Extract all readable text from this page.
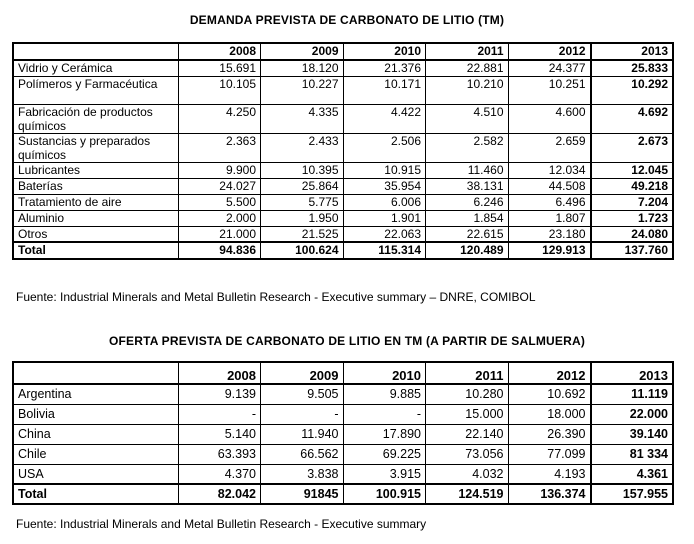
DEMANDA PREVISTA DE CARBONATO DE LITIO (TM)
	2008	2009	2010	2011	2012	2013
Vidrio y Cerámica	15.691	18.120	21.376	22.881	24.377	25.833
Polímeros y Farmacéutica	10.105	10.227	10.171	10.210	10.251	10.292
Fabricación de productos químicos	4.250	4.335	4.422	4.510	4.600	4.692
Sustancias y preparados químicos	2.363	2.433	2.506	2.582	2.659	2.673
Lubricantes	9.900	10.395	10.915	11.460	12.034	12.045
Baterías	24.027	25.864	35.954	38.131	44.508	49.218
Tratamiento de aire	5.500	5.775	6.006	6.246	6.496	7.204
Aluminio	2.000	1.950	1.901	1.854	1.807	1.723
Otros	21.000	21.525	22.063	22.615	23.180	24.080
Total	94.836	100.624	115.314	120.489	129.913	137.760
Fuente: Industrial Minerals and Metal Bulletin Research - Executive summary – DNRE, COMIBOL
OFERTA PREVISTA DE CARBONATO DE LITIO EN TM (A PARTIR DE SALMUERA)
	2008	2009	2010	2011	2012	2013
Argentina	9.139	9.505	9.885	10.280	10.692	11.119
Bolivia	-	-	-	15.000	18.000	22.000
China	5.140	11.940	17.890	22.140	26.390	39.140
Chile	63.393	66.562	69.225	73.056	77.099	81 334
USA	4.370	3.838	3.915	4.032	4.193	4.361
Total	82.042	91845	100.915	124.519	136.374	157.955
Fuente: Industrial Minerals and Metal Bulletin Research - Executive summary
